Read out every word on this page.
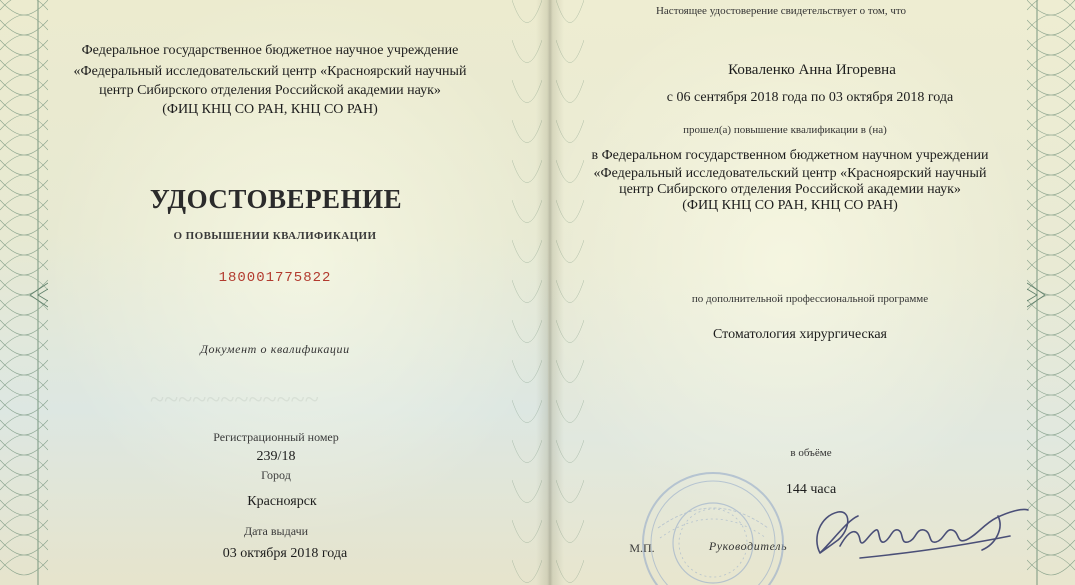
~~~~~~~~~~~~

Федеральное государственное бюджетное научное учреждение

«Федеральный исследовательский центр «Красноярский научный

центр Сибирского отделения Российской академии наук»

(ФИЦ КНЦ СО РАН, КНЦ СО РАН)

УДОСТОВЕРЕНИЕ

О ПОВЫШЕНИИ КВАЛИФИКАЦИИ

180001775822

Документ о квалификации

Регистрационный номер

239/18

Город

Красноярск

Дата выдачи

03 октября 2018 года

Настоящее удостоверение свидетельствует о том, что

Коваленко Анна Игоревна

с 06 сентября 2018 года по 03 октября 2018 года

прошел(а) повышение квалификации в (на)

в Федеральном государственном бюджетном научном учреждении

«Федеральный исследовательский центр «Красноярский научный

центр Сибирского отделения Российской академии наук»

(ФИЦ КНЦ СО РАН, КНЦ СО РАН)

по дополнительной профессиональной программе

Стоматология хирургическая

в объёме

144 часа

М.П.	Руководитель
